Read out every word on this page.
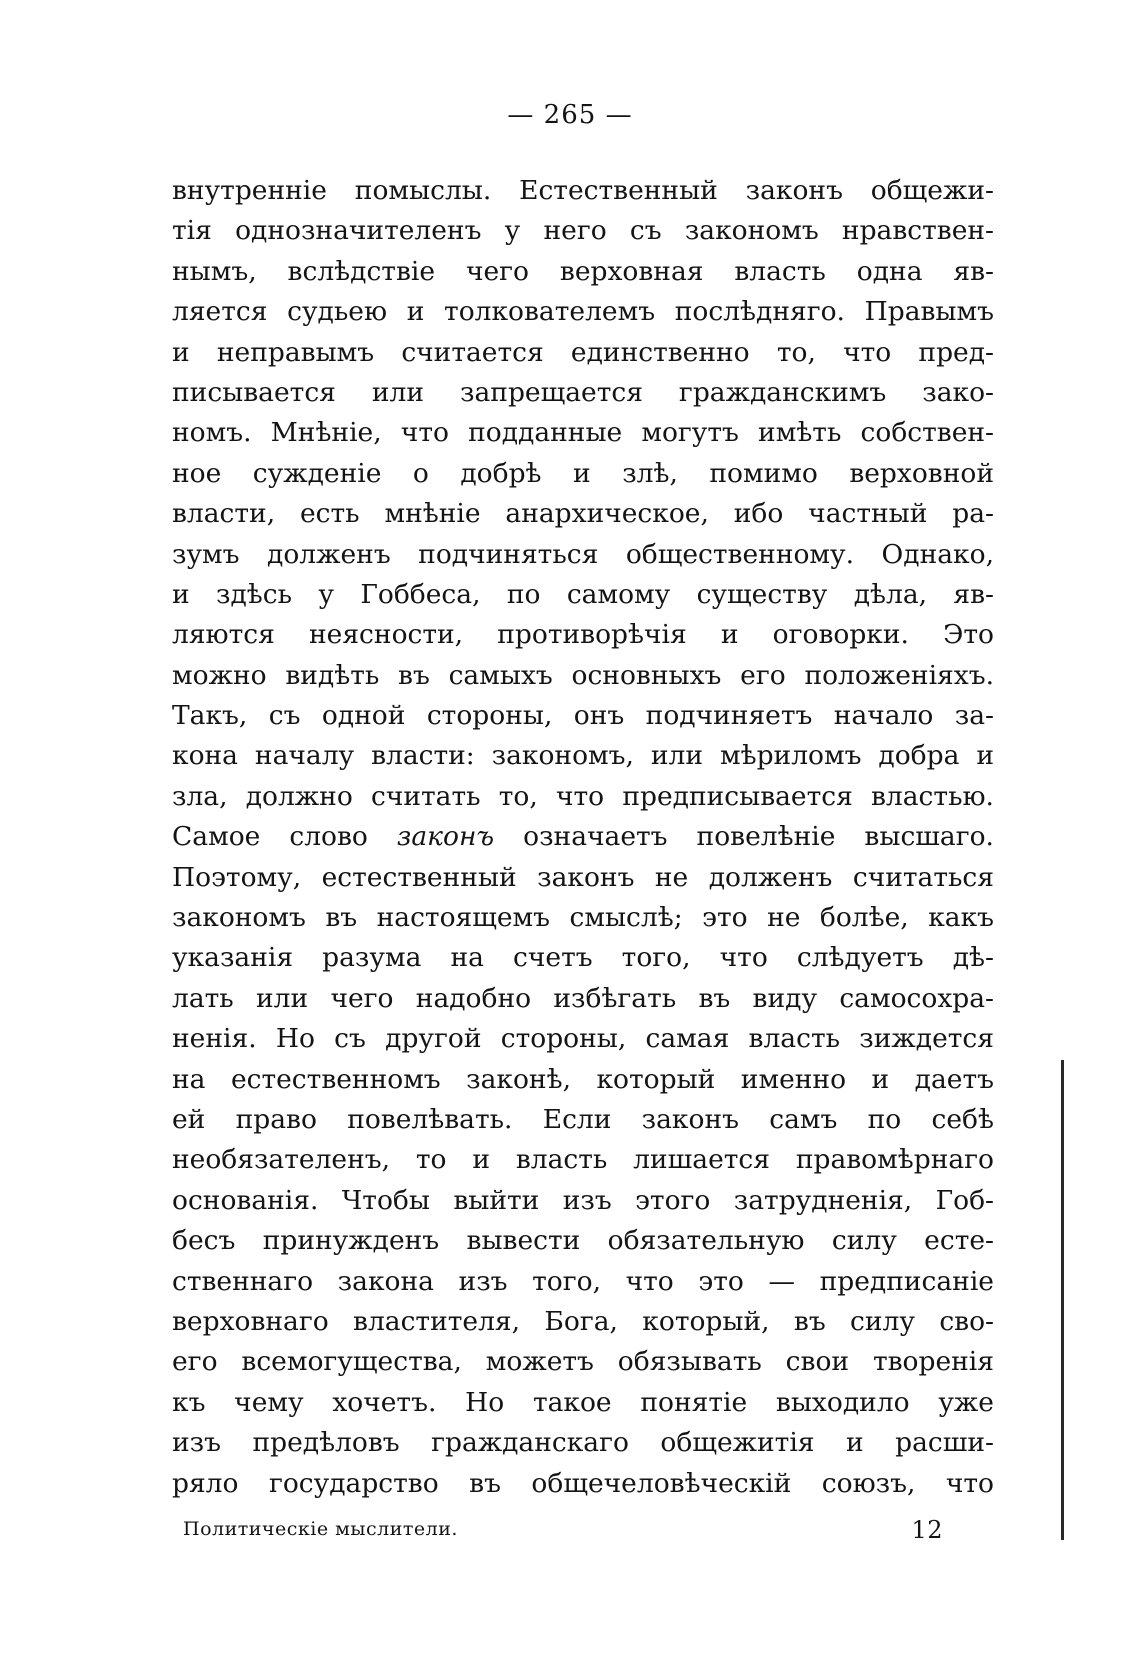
— 265 —
внутреннiе помыслы. Естественный законъ общежи-
тiя однозначителенъ у него съ закономъ нравствен-
нымъ, вслѣдствiе чего верховная власть одна яв-
ляется судьею и толкователемъ послѣдняго. Правымъ
и неправымъ считается единственно то, что пред-
писывается или запрещается гражданскимъ зако-
номъ. Мнѣнiе, что подданные могутъ имѣть собствен-
ное сужденiе о добрѣ и злѣ, помимо верховной
власти, есть мнѣнiе анархическое, ибо частный ра-
зумъ долженъ подчиняться общественному. Однако,
и здѣсь у Гоббеса, по самому существу дѣла, яв-
ляются неясности, противорѣчiя и оговорки. Это
можно видѣть въ самыхъ основныхъ его положенiяхъ.
Такъ, съ одной стороны, онъ подчиняетъ начало за-
кона началу власти: закономъ, или мѣриломъ добра и
зла, должно считать то, что предписывается властью.
Самое слово законъ означаетъ повелѣнiе высшаго.
Поэтому, естественный законъ не долженъ считаться
закономъ въ настоящемъ смыслѣ; это не болѣе, какъ
указанiя разума на счетъ того, что слѣдуетъ дѣ-
лать или чего надобно избѣгать въ виду самосохра-
ненiя. Но съ другой стороны, самая власть зиждется
на естественномъ законѣ, который именно и даетъ
ей право повелѣвать. Если законъ самъ по себѣ
необязателенъ, то и власть лишается правомѣрнаго
основанiя. Чтобы выйти изъ этого затрудненiя, Гоб-
бесъ принужденъ вывести обязательную силу есте-
ственнаго закона изъ того, что это — предписанiе
верховнаго властителя, Бога, который, въ силу сво-
его всемогущества, можетъ обязывать свои творенiя
къ чему хочетъ. Но такое понятiе выходило уже
изъ предѣловъ гражданскаго общежитiя и расши-
ряло государство въ общечеловѣческiй союзъ, что
Политическiе мыслители.	12
